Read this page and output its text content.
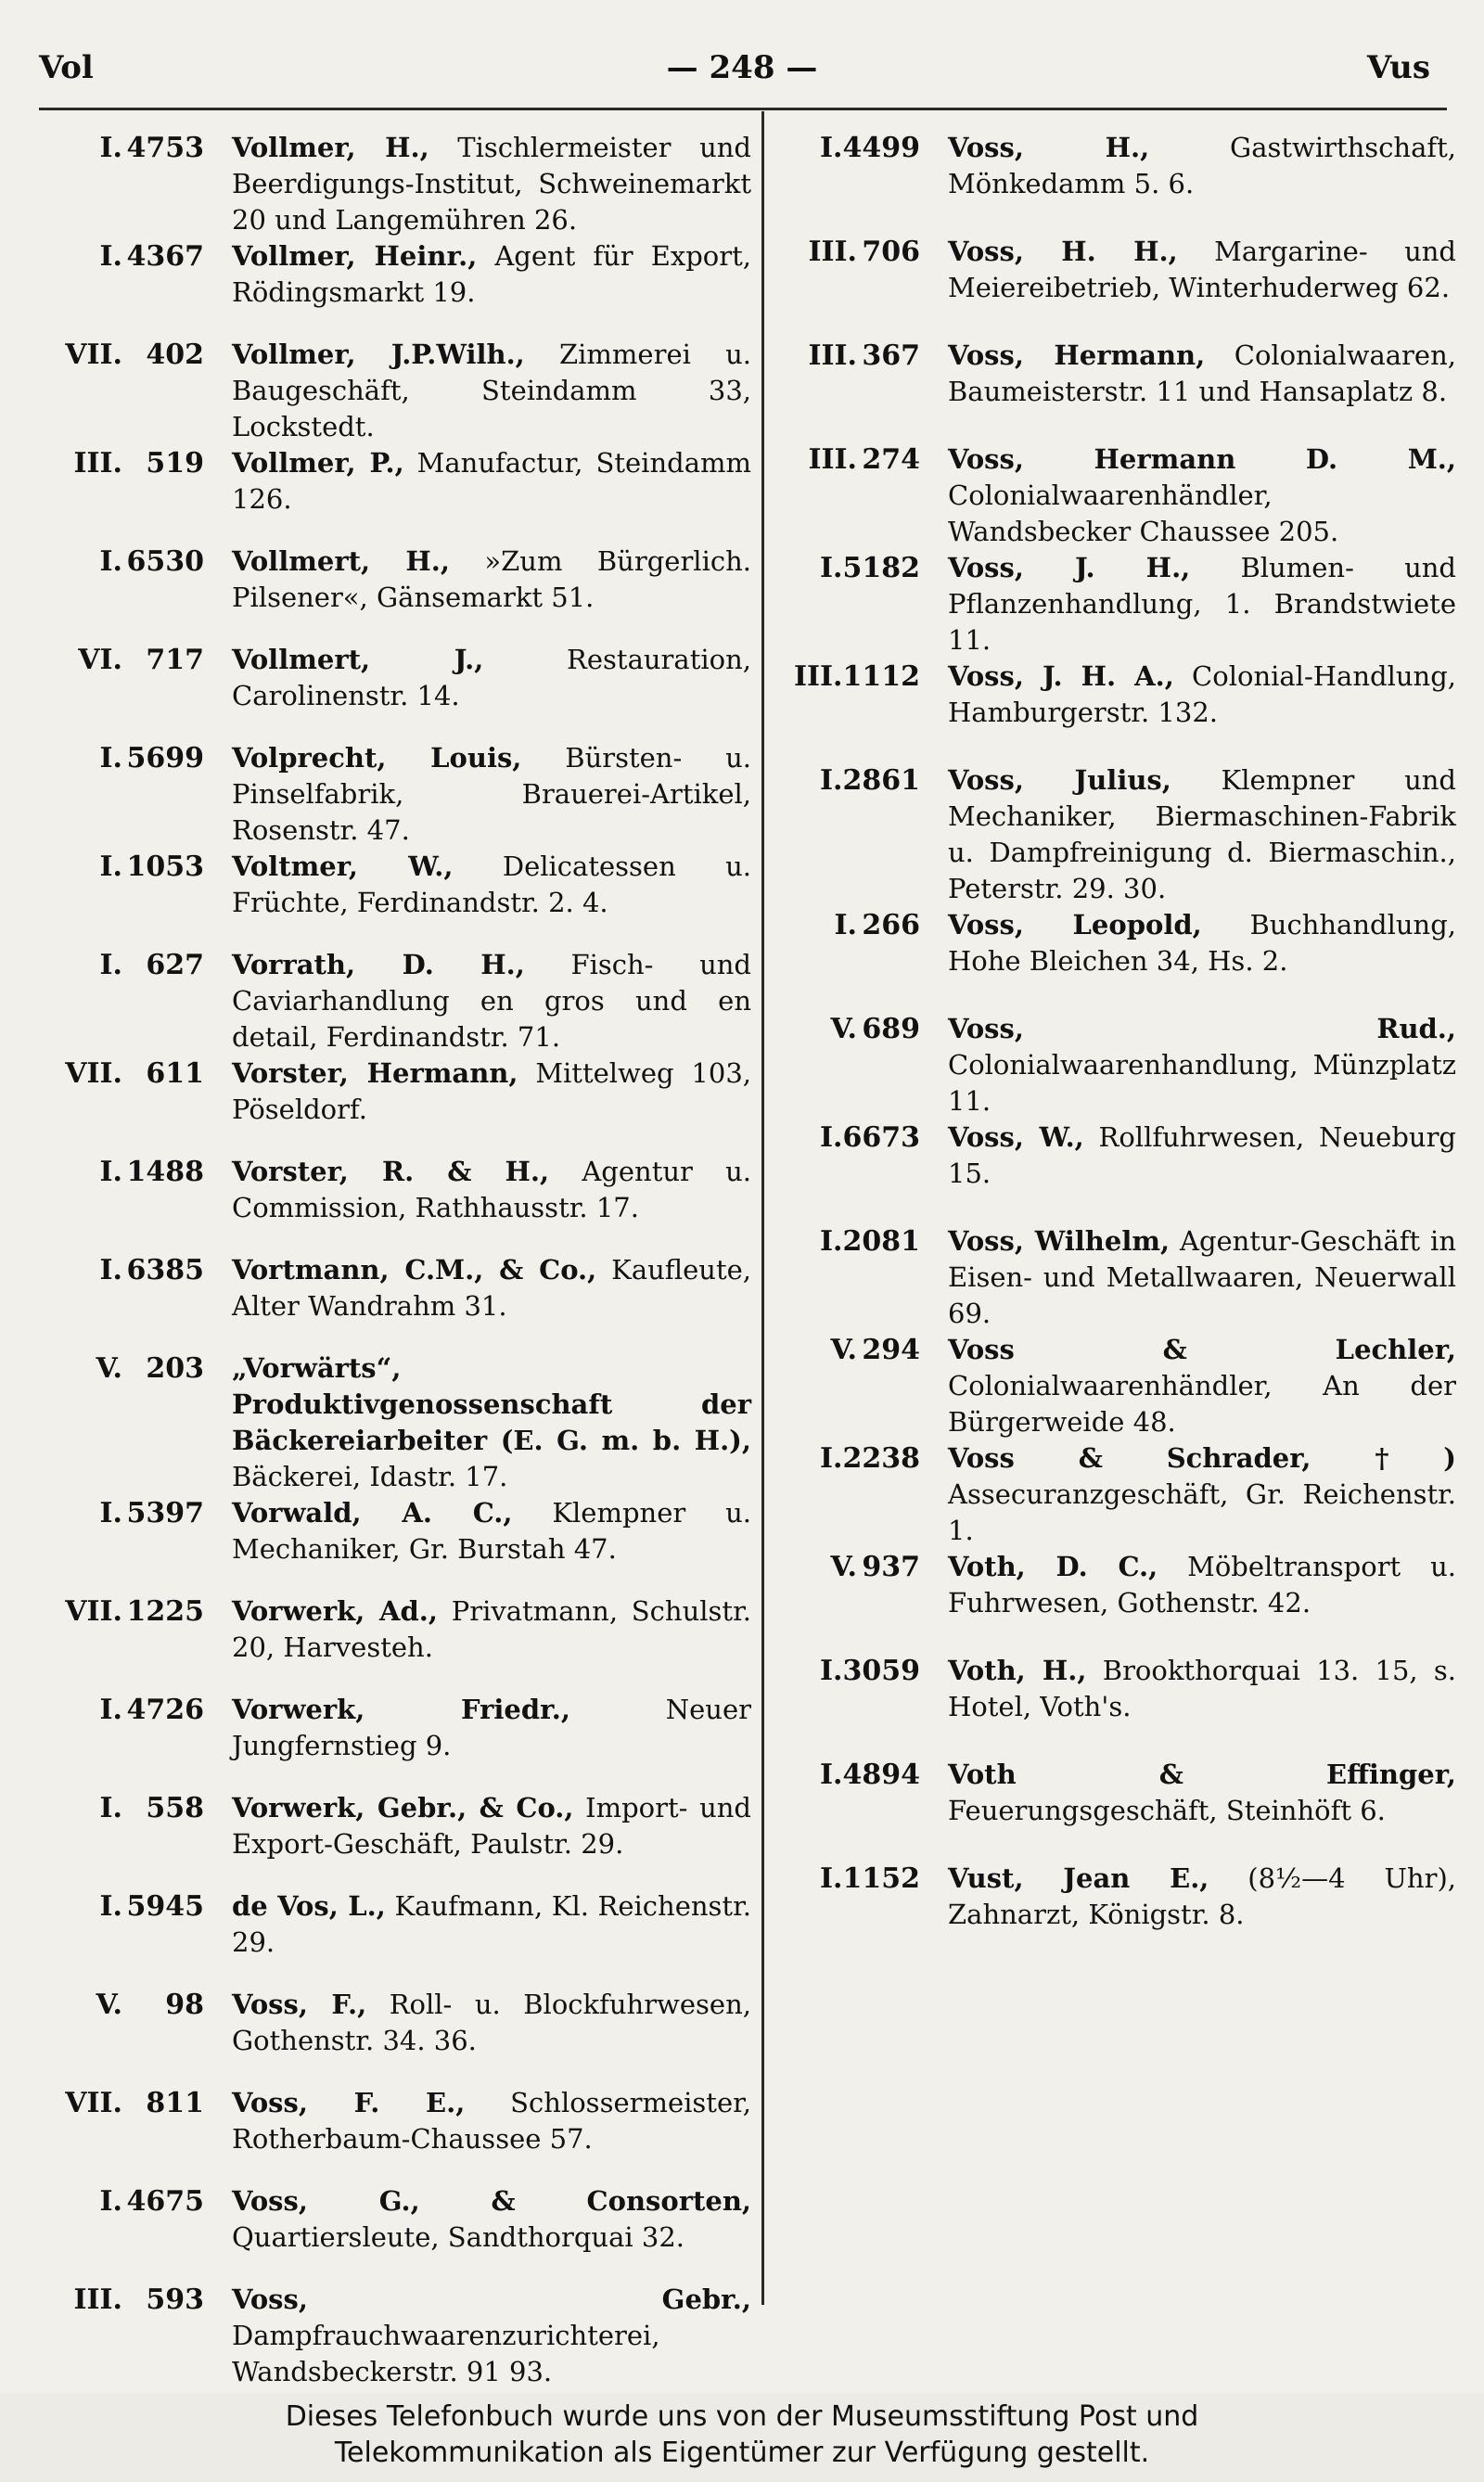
Vol	— 248 —	Vus
I. 4753	Vollmer, H., Tischlermeister und Beerdigungs-Institut, Schweinemarkt 20 und Langemühren 26.
I. 4367	Vollmer, Heinr., Agent für Export, Rödingsmarkt 19.
VII. 402	Vollmer, J.P.Wilh., Zimmerei u. Baugeschäft, Steindamm 33, Lockstedt.
III. 519	Vollmer, P., Manufactur, Steindamm 126.
I. 6530	Vollmert, H., »Zum Bürgerlich. Pilsener«, Gänsemarkt 51.
VI. 717	Vollmert, J., Restauration, Carolinenstr. 14.
I. 5699	Volprecht, Louis, Bürsten- u. Pinselfabrik, Brauerei-Artikel, Rosenstr. 47.
I. 1053	Voltmer, W., Delicatessen u. Früchte, Ferdinandstr. 2. 4.
I. 627	Vorrath, D. H., Fisch- und Caviarhandlung en gros und en detail, Ferdinandstr. 71.
VII. 611	Vorster, Hermann, Mittelweg 103, Pöseldorf.
I. 1488	Vorster, R. & H., Agentur u. Commission, Rathhausstr. 17.
I. 6385	Vortmann, C.M., & Co., Kaufleute, Alter Wandrahm 31.
V. 203	„Vorwärts“, Produktivgenossenschaft der Bäckereiarbeiter (E. G. m. b. H.), Bäckerei, Idastr. 17.
I. 5397	Vorwald, A. C., Klempner u. Mechaniker, Gr. Burstah 47.
VII. 1225	Vorwerk, Ad., Privatmann, Schulstr. 20, Harvesteh.
I. 4726	Vorwerk, Friedr., Neuer Jungfernstieg 9.
I. 558	Vorwerk, Gebr., & Co., Import- und Export-Geschäft, Paulstr. 29.
I. 5945	de Vos, L., Kaufmann, Kl. Reichenstr. 29.
V.	98	Voss, F., Roll- u. Blockfuhrwesen, Gothenstr. 34. 36.
VII. 811	Voss, F. E., Schlossermeister, Rotherbaum-Chaussee 57.
I. 4675	Voss, G., & Consorten, Quartiersleute, Sandthorquai 32.
III. 593	Voss, Gebr., Dampfrauchwaarenzurichterei, Wandsbeckerstr. 91 93.
I. 4499	Voss, H., Gastwirthschaft, Mönkedamm 5. 6.
III. 706	Voss, H. H., Margarine- und Meiereibetrieb, Winterhuderweg 62.
III. 367	Voss, Hermann, Colonialwaaren, Baumeisterstr. 11 und Hansaplatz 8.
III. 274	Voss, Hermann D. M., Colonialwaarenhändler, Wandsbecker Chaussee 205.
I. 5182	Voss, J. H., Blumen- und Pflanzenhandlung, 1. Brandstwiete 11.
III. 1112	Voss, J. H. A., Colonial-Handlung, Hamburgerstr. 132.
I. 2861	Voss, Julius, Klempner und Mechaniker, Biermaschinen-Fabrik u. Dampfreinigung d. Biermaschin., Peterstr. 29. 30.
I. 266	Voss, Leopold, Buchhandlung, Hohe Bleichen 34, Hs. 2.
V. 689	Voss, Rud., Colonialwaarenhandlung, Münzplatz 11.
I. 6673	Voss, W., Rollfuhrwesen, Neueburg 15.
I. 2081	Voss, Wilhelm, Agentur-Geschäft in Eisen- und Metallwaaren, Neuerwall 69.
V. 294	Voss & Lechler, Colonialwaarenhändler, An der Bürgerweide 48.
I. 2238	Voss & Schrader, †) Assecuranzgeschäft, Gr. Reichenstr. 1.
V. 937	Voth, D. C., Möbeltransport u. Fuhrwesen, Gothenstr. 42.
I. 3059	Voth, H., Brookthorquai 13. 15, s. Hotel, Voth's.
I. 4894	Voth & Effinger, Feuerungsgeschäft, Steinhöft 6.
I. 1152	Vust, Jean E., (8½—4 Uhr), Zahnarzt, Königstr. 8.
Dieses Telefonbuch wurde uns von der Museumsstiftung Post und
Telekommunikation als Eigentümer zur Verfügung gestellt.
